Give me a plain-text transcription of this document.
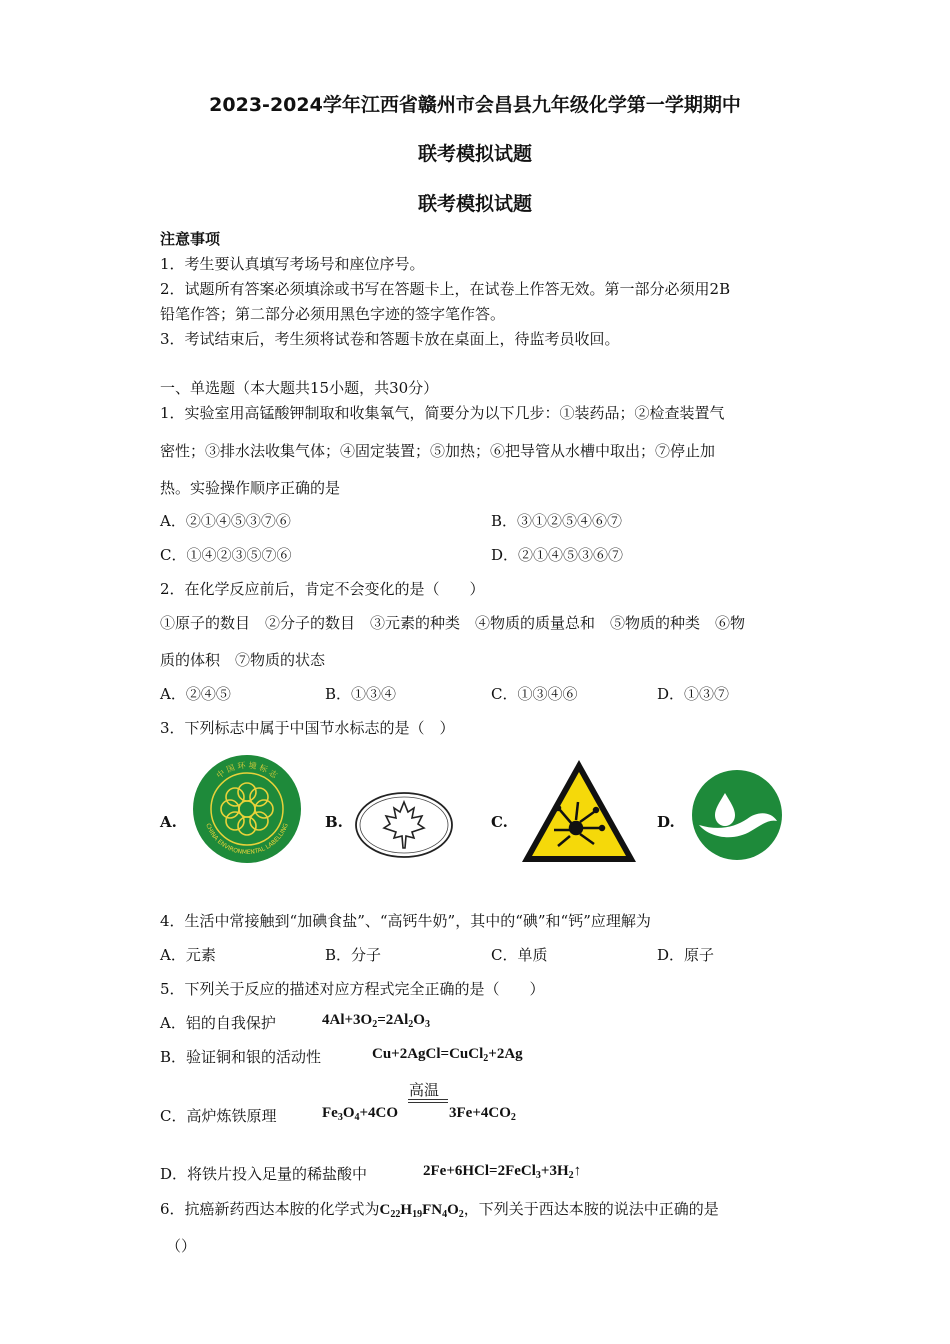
2023-2024学年江西省赣州市会昌县九年级化学第一学期期中
联考模拟试题
联考模拟试题
注意事项
1．考生要认真填写考场号和座位序号。
2．试题所有答案必须填涂或书写在答题卡上，在试卷上作答无效。第一部分必须用2B
铅笔作答；第二部分必须用黑色字迹的签字笔作答。
3．考试结束后，考生须将试卷和答题卡放在桌面上，待监考员收回。
一、单选题（本大题共15小题，共30分）
1．实验室用高锰酸钾制取和收集氧气，简要分为以下几步：①装药品；②检查装置气
密性；③排水法收集气体；④固定装置；⑤加热；⑥把导管从水槽中取出；⑦停止加
热。实验操作顺序正确的是
A．②①④⑤③⑦⑥	B．③①②⑤④⑥⑦
C．①④②③⑤⑦⑥	D．②①④⑤③⑥⑦
2．在化学反应前后，肯定不会变化的是（　　）
①原子的数目　②分子的数目　③元素的种类　④物质的质量总和　⑤物质的种类　⑥物
质的体积　⑦物质的状态
A．②④⑤	B．①③④	C．①③④⑥	D．①③⑦
3．下列标志中属于中国节水标志的是（　）
A.	B.	C.	D.
中 国 环 境 标 志
CHINA ENVIRONMENTAL LABELLING
4．生活中常接触到“加碘食盐”、“高钙牛奶”，其中的“碘”和“钙”应理解为
A．元素	B．分子	C．单质	D．原子
5．下列关于反应的描述对应方程式完全正确的是（　　）
A．铝的自我保护	$4Al+3O_2=2Al_2O_3$
B．验证铜和银的活动性	Cu+2AgCl=CuCl$_2$+2Ag
高温
C．高炉炼铁原理	$Fe_3O_4+4CO$	$3Fe+4CO_2$
D．将铁片投入足量的稀盐酸中	$2Fe+6HCl=2FeCl_3+3H_2↑$
6．抗癌新药西达本胺的化学式为$C_{22}H_{19}FN_4O_2$，下列关于西达本胺的说法中正确的是
（）
